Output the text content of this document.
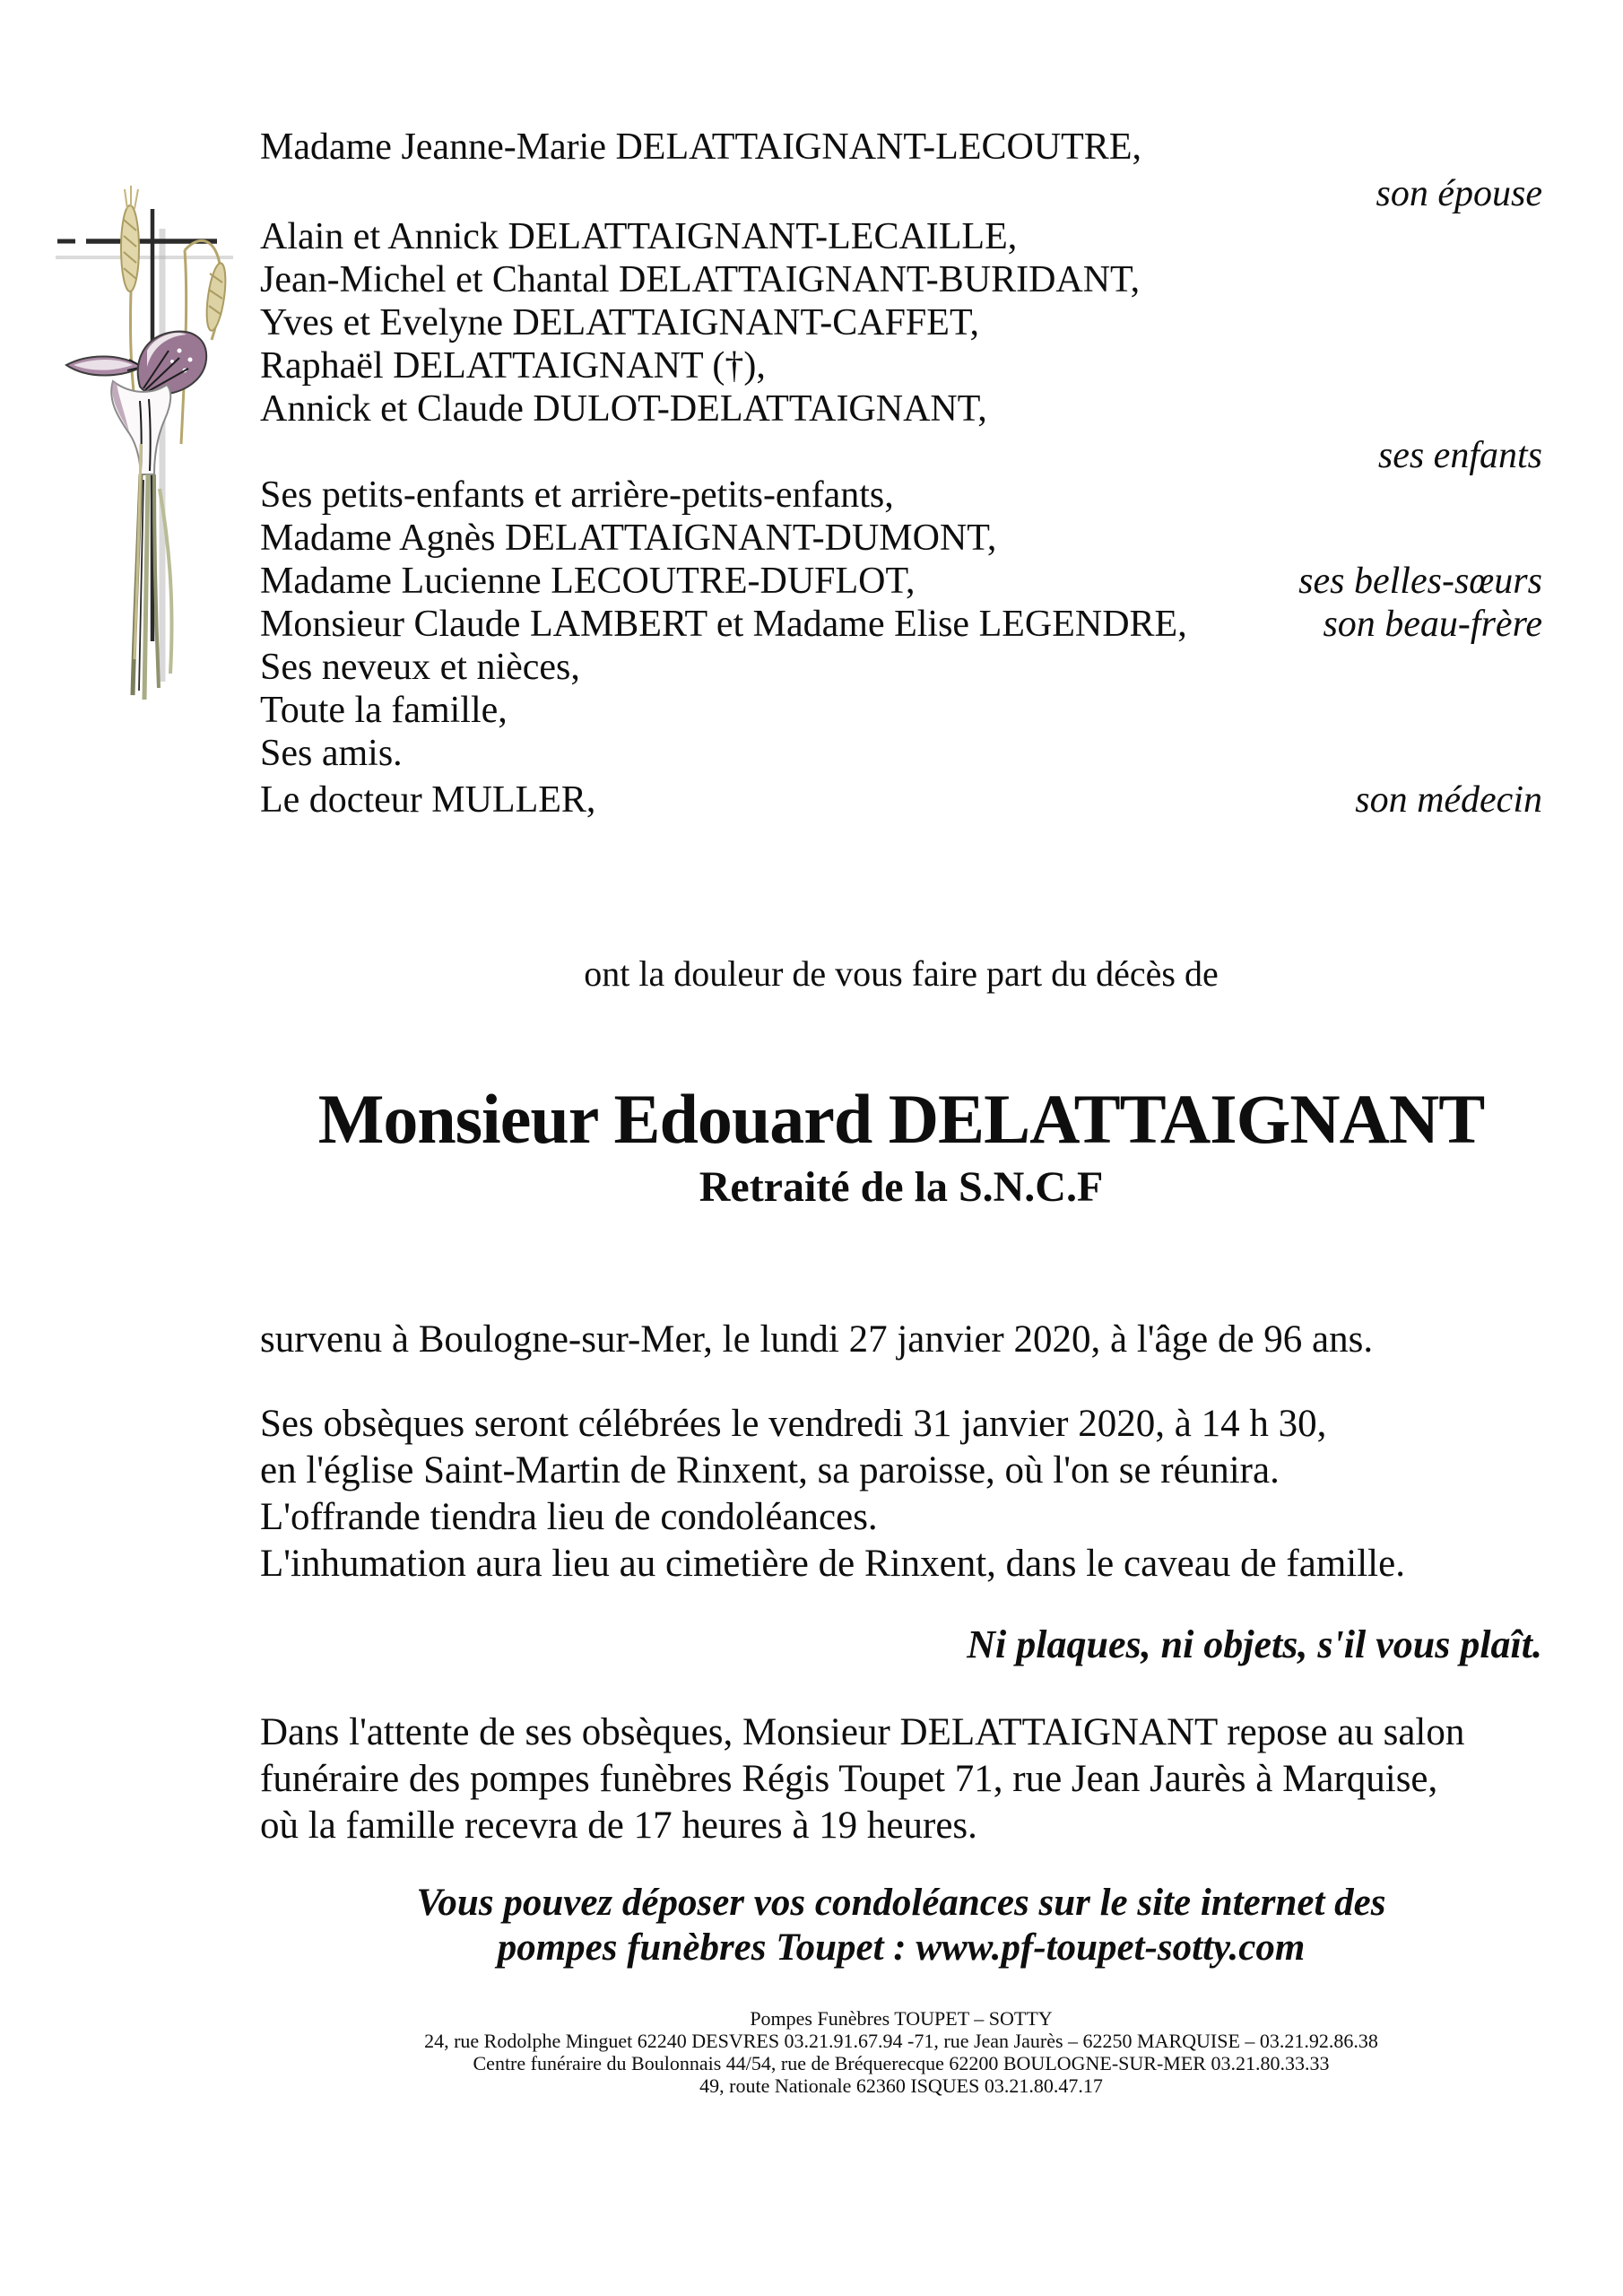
Madame Jeanne-Marie DELATTAIGNANT-LECOUTRE,
son épouse
Alain et Annick DELATTAIGNANT-LECAILLE,
Jean-Michel et Chantal DELATTAIGNANT-BURIDANT,
Yves et Evelyne DELATTAIGNANT-CAFFET,
Raphaël DELATTAIGNANT (†),
Annick et Claude DULOT-DELATTAIGNANT,
ses enfants
Ses petits-enfants et arrière-petits-enfants,
Madame Agnès DELATTAIGNANT-DUMONT,
Madame Lucienne LECOUTRE-DUFLOT,	ses belles-sœurs
Monsieur Claude LAMBERT et Madame Elise LEGENDRE,	son beau-frère
Ses neveux et nièces,
Toute la famille,
Ses amis.
Le docteur MULLER,	son médecin
ont la douleur de vous faire part du décès de
Monsieur Edouard DELATTAIGNANT
Retraité de la S.N.C.F
survenu à Boulogne-sur-Mer, le lundi 27 janvier 2020, à l'âge de 96 ans.
Ses obsèques seront célébrées le vendredi 31 janvier 2020, à 14 h 30,
en l'église Saint-Martin de Rinxent, sa paroisse, où l'on se réunira.
L'offrande tiendra lieu de condoléances.
L'inhumation aura lieu au cimetière de Rinxent, dans le caveau de famille.
Ni plaques, ni objets, s'il vous plaît.
Dans l'attente de ses obsèques, Monsieur DELATTAIGNANT repose au salon
funéraire des pompes funèbres Régis Toupet 71, rue Jean Jaurès à Marquise,
où la famille recevra de 17 heures à 19 heures.
Vous pouvez déposer vos condoléances sur le site internet des
pompes funèbres Toupet : www.pf-toupet-sotty.com
Pompes Funèbres TOUPET – SOTTY
24, rue Rodolphe Minguet 62240 DESVRES 03.21.91.67.94 -71, rue Jean Jaurès – 62250 MARQUISE – 03.21.92.86.38
Centre funéraire du Boulonnais 44/54, rue de Bréquerecque 62200 BOULOGNE-SUR-MER 03.21.80.33.33
49, route Nationale 62360 ISQUES 03.21.80.47.17
